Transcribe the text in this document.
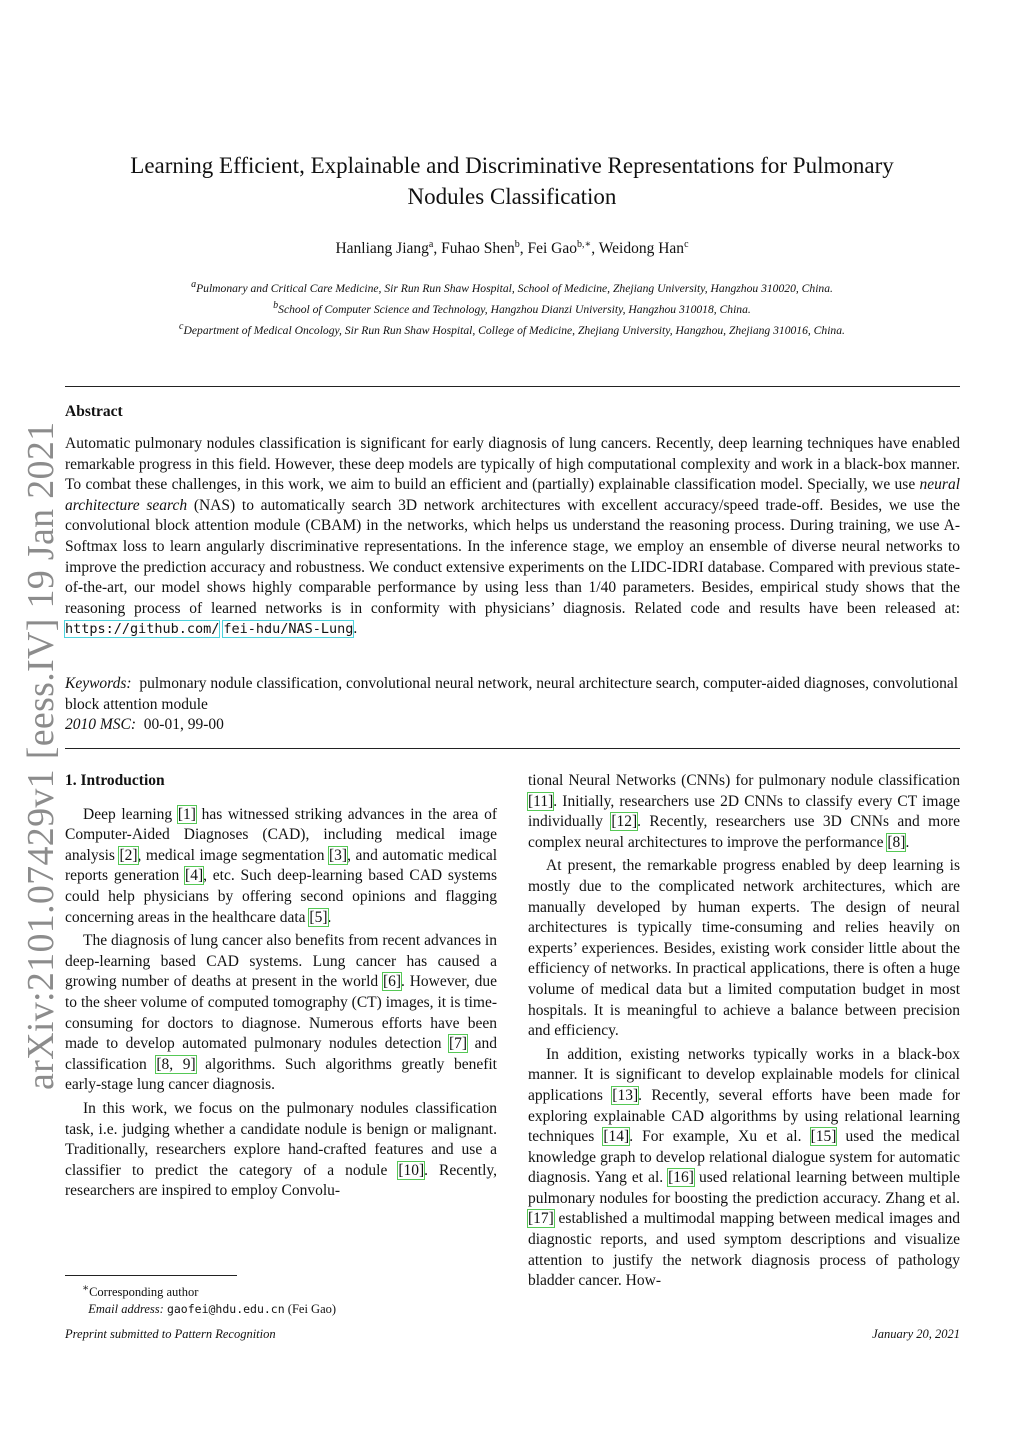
arXiv:2101.07429v1 [eess.IV] 19 Jan 2021
Learning Efficient, Explainable and Discriminative Representations for Pulmonary Nodules Classification
Hanliang Jiang$^a$, Fuhao Shen$^b$, Fei Gao$^{b,∗}$, Weidong Han$^c$
$^a$Pulmonary and Critical Care Medicine, Sir Run Run Shaw Hospital, School of Medicine, Zhejiang University, Hangzhou 310020, China.
$^b$School of Computer Science and Technology, Hangzhou Dianzi University, Hangzhou 310018, China.
$^c$Department of Medical Oncology, Sir Run Run Shaw Hospital, College of Medicine, Zhejiang University, Hangzhou, Zhejiang 310016, China.
Abstract
Automatic pulmonary nodules classification is significant for early diagnosis of lung cancers. Recently, deep learning techniques have enabled remarkable progress in this field. However, these deep models are typically of high computational complexity and work in a black-box manner. To combat these challenges, in this work, we aim to build an efficient and (partially) explainable classification model. Specially, we use neural architecture search (NAS) to automatically search 3D network architectures with excellent accuracy/speed trade-off. Besides, we use the convolutional block attention module (CBAM) in the networks, which helps us understand the reasoning process. During training, we use A-Softmax loss to learn angularly discriminative representations. In the inference stage, we employ an ensemble of diverse neural networks to improve the prediction accuracy and robustness. We conduct extensive experiments on the LIDC-IDRI database. Compared with previous state-of-the-art, our model shows highly comparable performance by using less than 1/40 parameters. Besides, empirical study shows that the reasoning process of learned networks is in conformity with physicians’ diagnosis. Related code and results have been released at: https://github.com/ fei-hdu/NAS-Lung.
Keywords: pulmonary nodule classification, convolutional neural network, neural architecture search, computer-aided diagnoses, convolutional block attention module
2010 MSC: 00-01, 99-00
1. Introduction

Deep learning [1] has witnessed striking advances in the area of Computer-Aided Diagnoses (CAD), including medical image analysis [2], medical image segmentation [3], and automatic medical reports generation [4], etc. Such deep-learning based CAD systems could help physicians by offering second opinions and flagging concerning areas in the healthcare data [5].

The diagnosis of lung cancer also benefits from recent advances in deep-learning based CAD systems. Lung cancer has caused a growing number of deaths at present in the world [6]. However, due to the sheer volume of computed tomography (CT) images, it is time-consuming for doctors to diagnose. Numerous efforts have been made to develop automated pulmonary nodules detection [7] and classification [8, 9] algorithms. Such algorithms greatly benefit early-stage lung cancer diagnosis.

In this work, we focus on the pulmonary nodules classification task, i.e. judging whether a candidate nodule is benign or malignant. Traditionally, researchers explore hand-crafted features and use a classifier to predict the category of a nodule [10]. Recently, researchers are inspired to employ Convolu-

tional Neural Networks (CNNs) for pulmonary nodule classification [11]. Initially, researchers use 2D CNNs to classify every CT image individually [12]. Recently, researchers use 3D CNNs and more complex neural architectures to improve the performance [8].

At present, the remarkable progress enabled by deep learning is mostly due to the complicated network architectures, which are manually developed by human experts. The design of neural architectures is typically time-consuming and relies heavily on experts’ experiences. Besides, existing work consider little about the efficiency of networks. In practical applications, there is often a huge volume of medical data but a limited computation budget in most hospitals. It is meaningful to achieve a balance between precision and efficiency.

In addition, existing networks typically works in a black-box manner. It is significant to develop explainable models for clinical applications [13]. Recently, several efforts have been made for exploring explainable CAD algorithms by using relational learning techniques [14]. For example, Xu et al. [15] used the medical knowledge graph to develop relational dialogue system for automatic diagnosis. Yang et al. [16] used relational learning between multiple pulmonary nodules for boosting the prediction accuracy. Zhang et al. [17] established a multimodal mapping between medical images and diagnostic reports, and used symptom descriptions and visualize attention to justify the network diagnosis process of pathology bladder cancer. How-

∗Corresponding author
Email address: gaofei@hdu.edu.cn (Fei Gao)
Preprint submitted to Pattern Recognition	January 20, 2021
